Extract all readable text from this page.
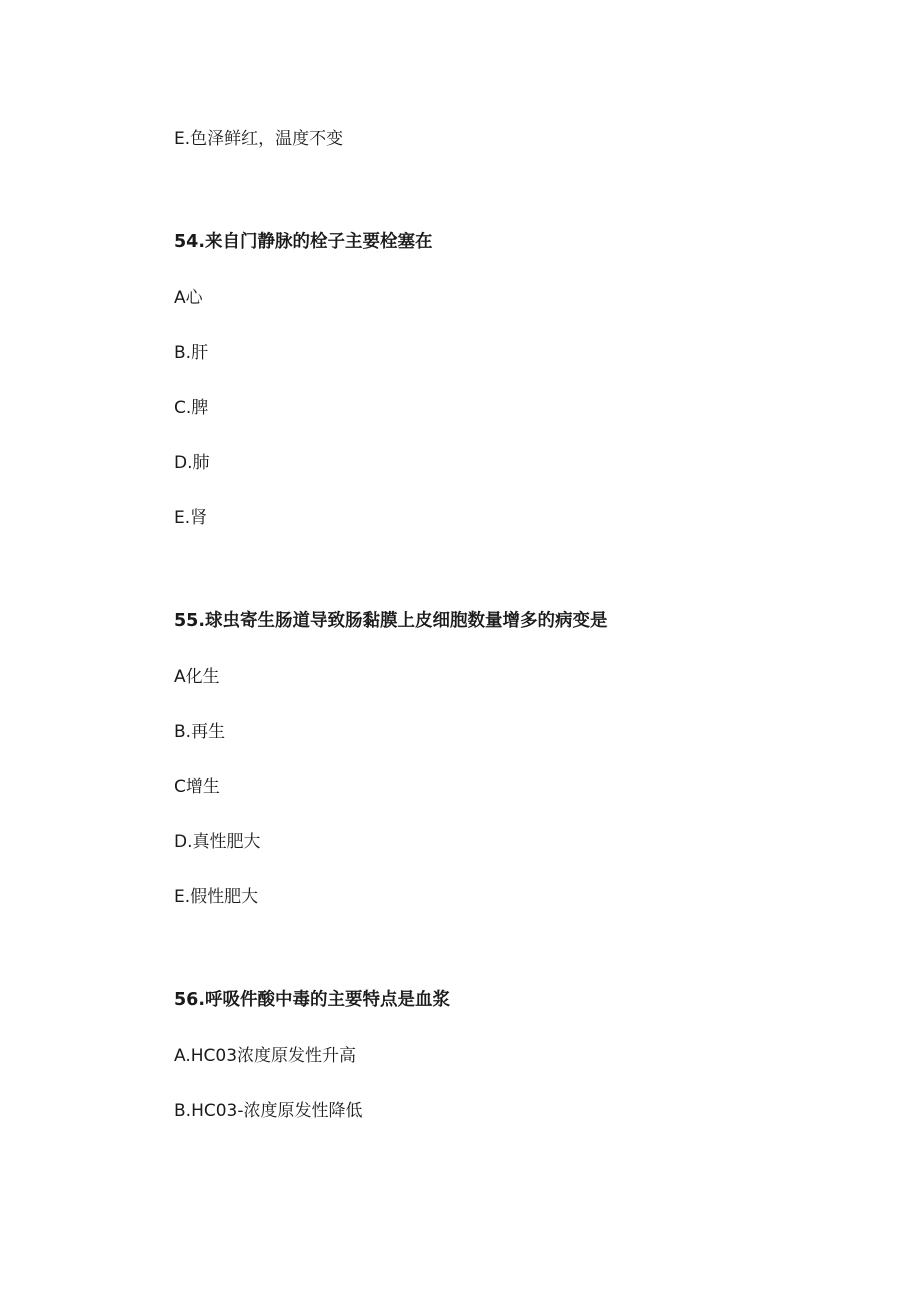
E.色泽鲜红，温度不变
54.来自门静脉的栓子主要栓塞在
A心
B.肝
C.脾
D.肺
E.肾
55.球虫寄生肠道导致肠黏膜上皮细胞数量增多的病变是
A化生
B.再生
C增生
D.真性肥大
E.假性肥大
56.呼吸件酸中毒的主要特点是血浆
A.HC03浓度原发性升高
B.HC03-浓度原发性降低
